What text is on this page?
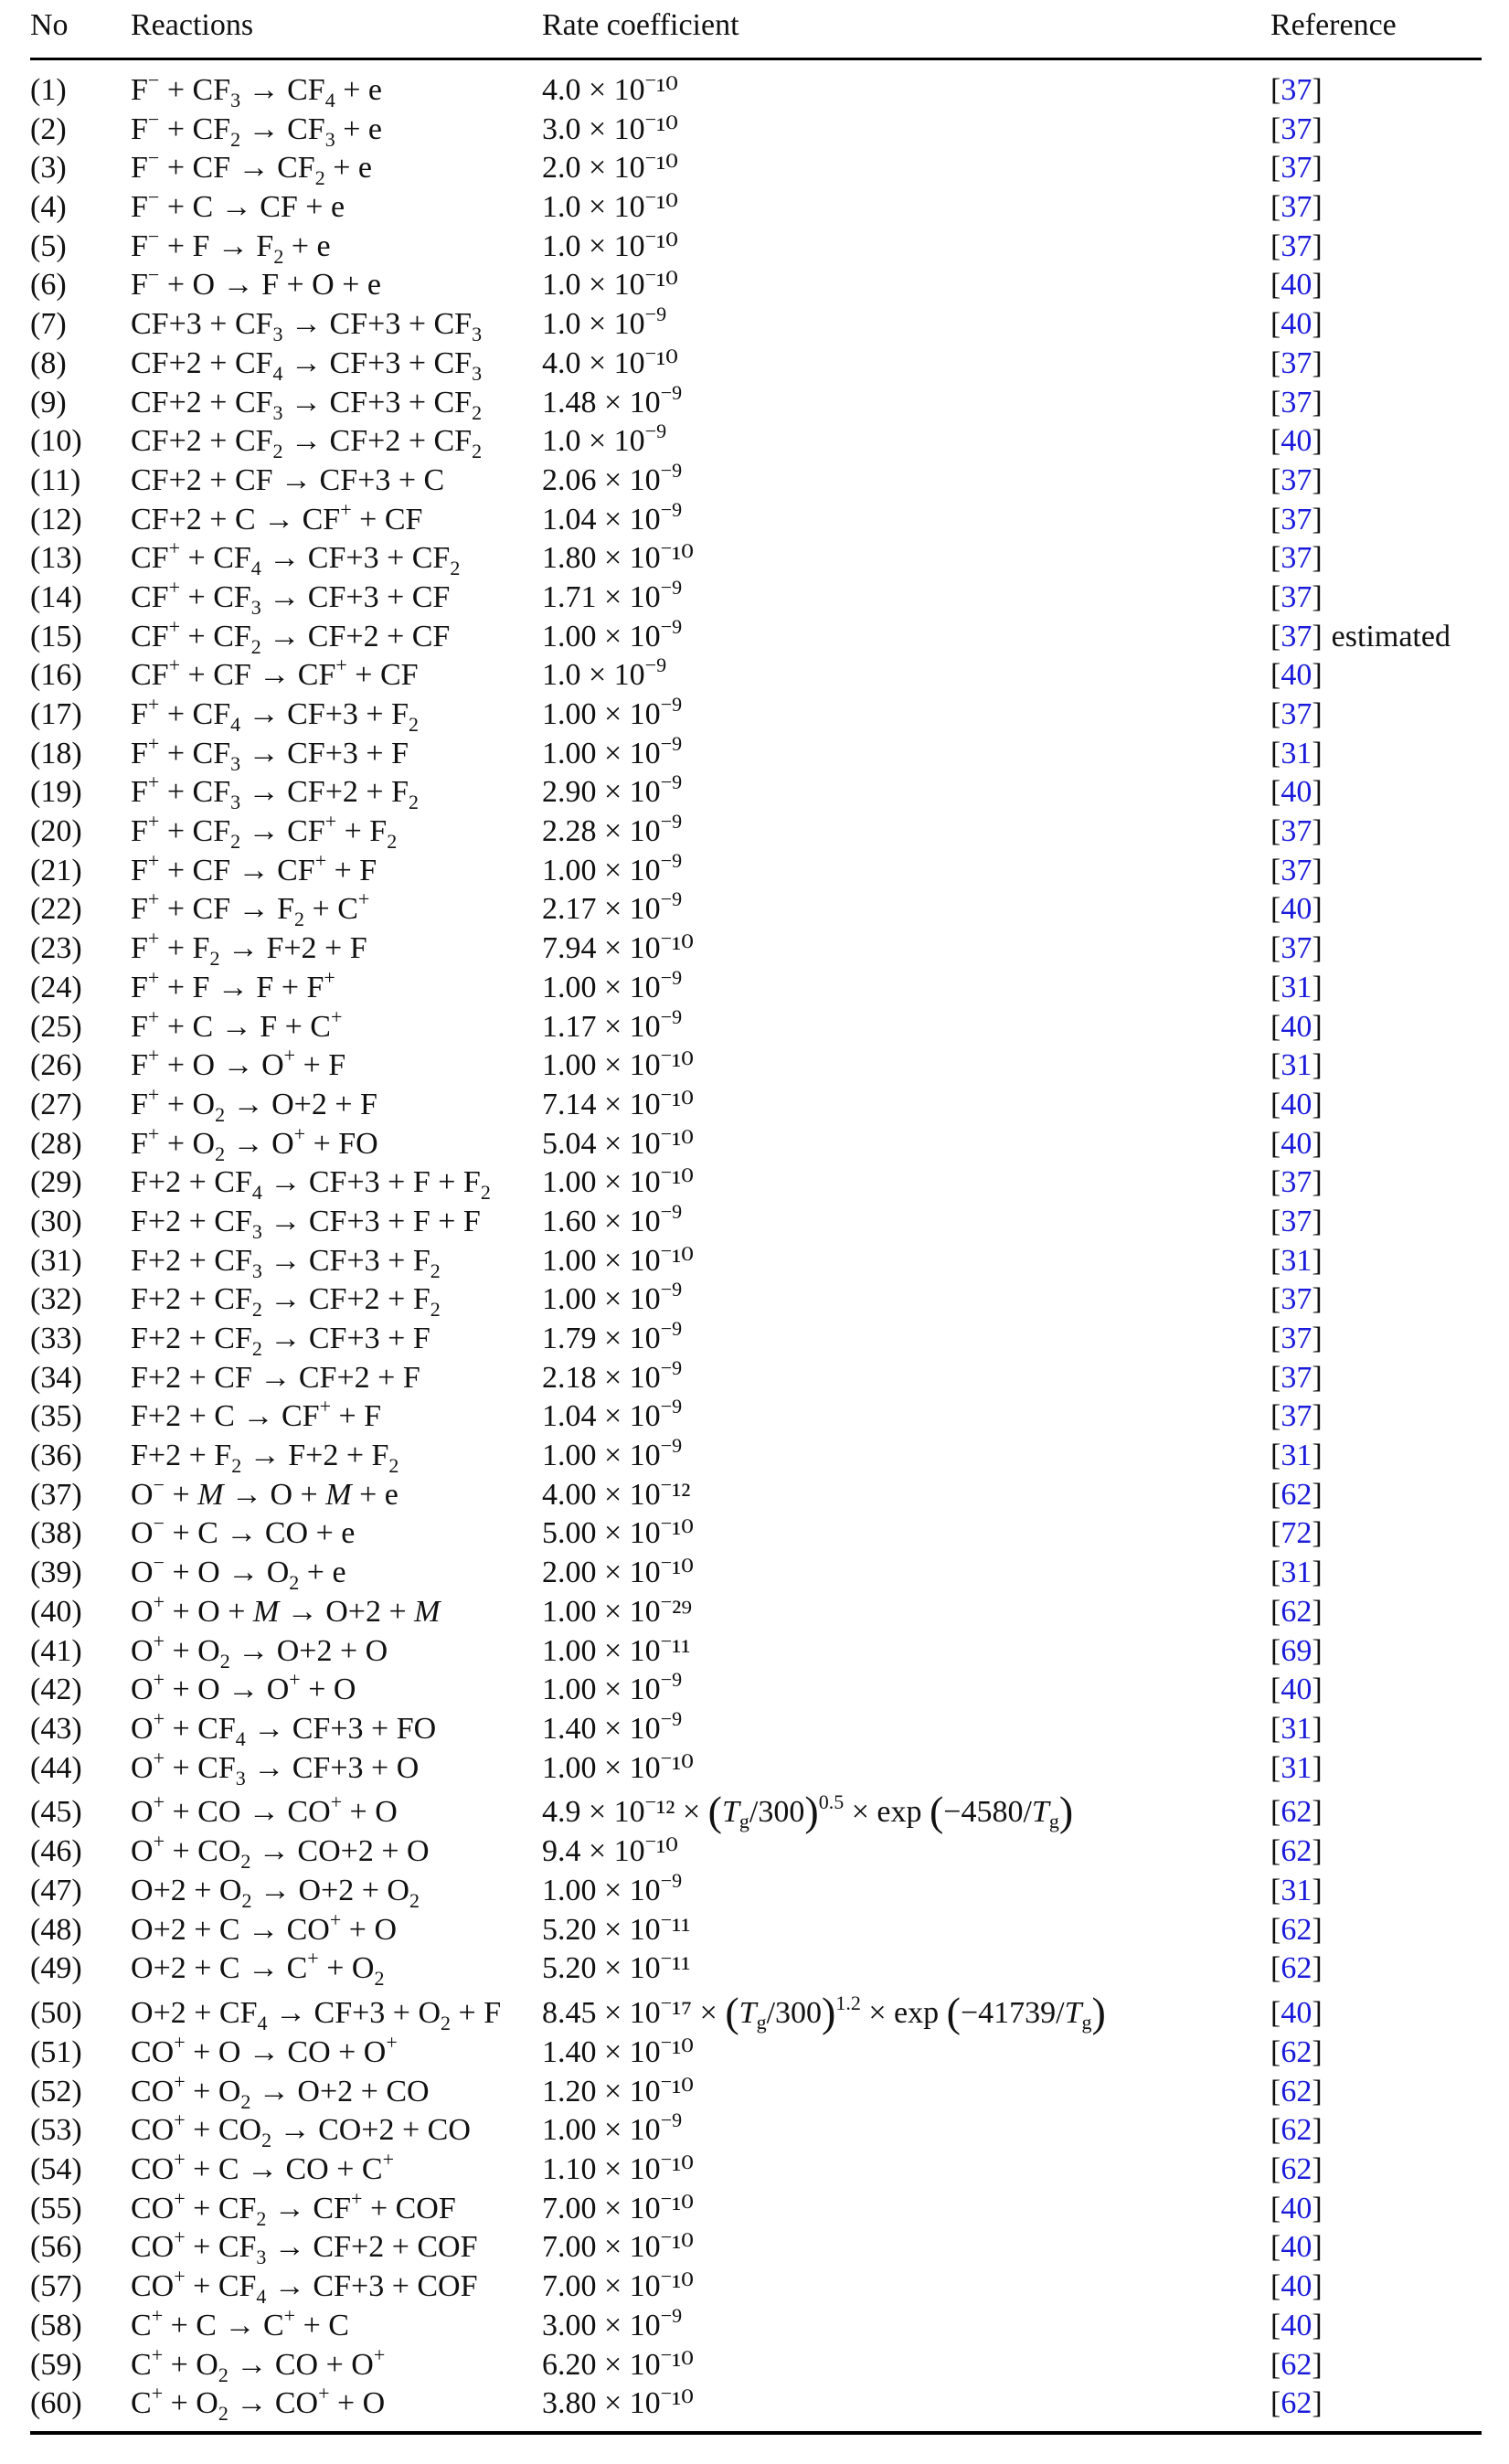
No Reactions	Rate coefficient	Reference
(1) $F^- + CF_3 \to CF_4 + e$	4.0 × 10−¹⁰	[37]
(2) $F^- + CF_2 \to CF_3 + e$	3.0 × 10−¹⁰	[37]
(3) F− + CF → $CF_2 + e$	2.0 × 10−¹⁰	[37]
(4) F− + C → CF + e	1.0 × 10−¹⁰	[37]
(5) $F^- + F \to F_2 + e$	1.0 × 10−¹⁰	[37]
(6) F− + O → F + O + e	1.0 × 10−¹⁰	[40]
(7) $CF+3 + CF_3 \to CF+3 + CF_3$ $1.0 \times 10^{-9}$	[40]
(8) $CF+2 + CF_4 \to CF+3 + CF_3$ 4.0 × 10−¹⁰	[37]
(9) $CF+2 + CF_3 \to CF+3 + CF_2$ $1.48 \times 10^{-9}$	[37]
(10) $CF+2 + CF_2 \to CF+2 + CF_2$ $1.0 \times 10^{-9}$	[40]
(11) CF+2 + CF → CF+3 + C	$2.06 \times 10^{-9}$	[37]
(12) CF+2 + C → CF+ + CF	$1.04 \times 10^{-9}$	[37]
(13) $CF^+ + CF_4 \to CF+3 + CF_2$	1.80 × 10−¹⁰	[37]
(14) $CF^+ + CF_3 \to CF+3$ + CF	$1.71 \times 10^{-9}$	[37]
(15) $CF^+ + CF_2 \to CF+2$ + CF	$1.00 \times 10^{-9}$	[37] estimated
(16) CF+ + CF → CF+ + CF	$1.0 \times 10^{-9}$	[40]
(17) $F^+ + CF_4 \to CF+3 + F_2$	$1.00 \times 10^{-9}$	[37]
(18) $F^+ + CF_3 \to CF+3 + F$	$1.00 \times 10^{-9}$	[31]
(19) $F^+ + CF_3 \to CF+2 + F_2$	$2.90 \times 10^{-9}$	[40]
(20) $F^+ + CF_2 \to CF^+ + F_2$	$2.28 \times 10^{-9}$	[37]
(21) F+ + CF → CF+ + F	$1.00 \times 10^{-9}$	[37]
(22) F+ + CF → $F_2 + C^+$	$2.17 \times 10^{-9}$	[40]
(23) $F^+ + F_2 \to F+2 + F$	7.94 × 10−¹⁰	[37]
(24) F+ + F → F + F+	$1.00 \times 10^{-9}$	[31]
(25) F+ + C → F + C+	$1.17 \times 10^{-9}$	[40]
(26) F+ + O → O+ + F	1.00 × 10−¹⁰	[31]
(27) $F^+ + O_2 \to O+2 + F$	7.14 × 10−¹⁰	[40]
(28) $F^+ + O_2 \to O^+$ + FO	5.04 × 10−¹⁰	[40]
(29) $F+2 + CF_4 \to CF+3 + F + F_2$ 1.00 × 10−¹⁰	[37]
(30) $F+2 + CF_3 \to CF+3 + F + F$ $1.60 \times 10^{-9}$	[37]
(31) $F+2 + CF_3 \to CF+3 + F_2$	1.00 × 10−¹⁰	[31]
(32) $F+2 + CF_2 \to CF+2 + F_2$	$1.00 \times 10^{-9}$	[37]
(33) $F+2 + CF_2 \to CF+3 + F$	$1.79 \times 10^{-9}$	[37]
(34) F+2 + CF → CF+2 + F	$2.18 \times 10^{-9}$	[37]
(35) F+2 + C → CF+ + F	$1.04 \times 10^{-9}$	[37]
(36) $F+2 + F_2 \to F+2 + F_2$	$1.00 \times 10^{-9}$	[31]
(37) O− + M → O + M + e	4.00 × 10−¹²	[62]
(38) O− + C → CO + e	5.00 × 10−¹⁰	[72]
(39) $O^- + O \to O_2 + e$	2.00 × 10−¹⁰	[31]
(40) O+ + O + M → O+2 + M	1.00 × 10−²⁹	[62]
(41) $O^+ + O_2 \to O+2 + O$	1.00 × 10−¹¹	[69]
(42) O+ + O → O+ + O	$1.00 \times 10^{-9}$	[40]
(43) $O^+ + CF_4 \to CF+3$ + FO	$1.40 \times 10^{-9}$	[31]
(44) $O^+ + CF_3 \to CF+3 + O$	1.00 × 10−¹⁰	[31]
(45) O+ + CO → CO+ + O	$4.9 \times 10^-^{12} \times (T_g/300)^{0.5} \times \exp (-4580/T_g)$	[62]
(46) $O^+ + CO_2 \to CO+2 + O$	9.4 × 10−¹⁰	[62]
(47) $O+2 + O_2 \to O+2 + O_2$	$1.00 \times 10^{-9}$	[31]
(48) O+2 + C → CO+ + O	5.20 × 10−¹¹	[62]
(49) $O+2 + C \to C^+ + O_2$	5.20 × 10−¹¹	[62]
(50) $O+2 + CF_4 \to CF+3 + O_2 + F$ $8.45 \times 10^-^{17} \times (T_g/300)^{1.2} \times \exp (-41739/T_g)$	[40]
(51) CO+ + O → CO + O+	1.40 × 10−¹⁰	[62]
(52) $CO^+ + O_2 \to O+2$ + CO	1.20 × 10−¹⁰	[62]
(53) $CO^+ + CO_2 \to CO+2$ + CO $1.00 \times 10^{-9}$	[62]
(54) CO+ + C → CO + C+	1.10 × 10−¹⁰	[62]
(55) $CO^+ + CF_2 \to CF^+$ + COF	7.00 × 10−¹⁰	[40]
(56) $CO^+ + CF_3 \to CF+2$ + COF 7.00 × 10−¹⁰	[40]
(57) $CO^+ + CF_4 \to CF+3$ + COF 7.00 × 10−¹⁰	[40]
(58) C+ + C → C+ + C	$3.00 \times 10^{-9}$	[40]
(59) $C^+ + O_2$ → CO + O+	6.20 × 10−¹⁰	[62]
(60) $C^+ + O_2 \to CO^+ + O$	3.80 × 10−¹⁰	[62]
